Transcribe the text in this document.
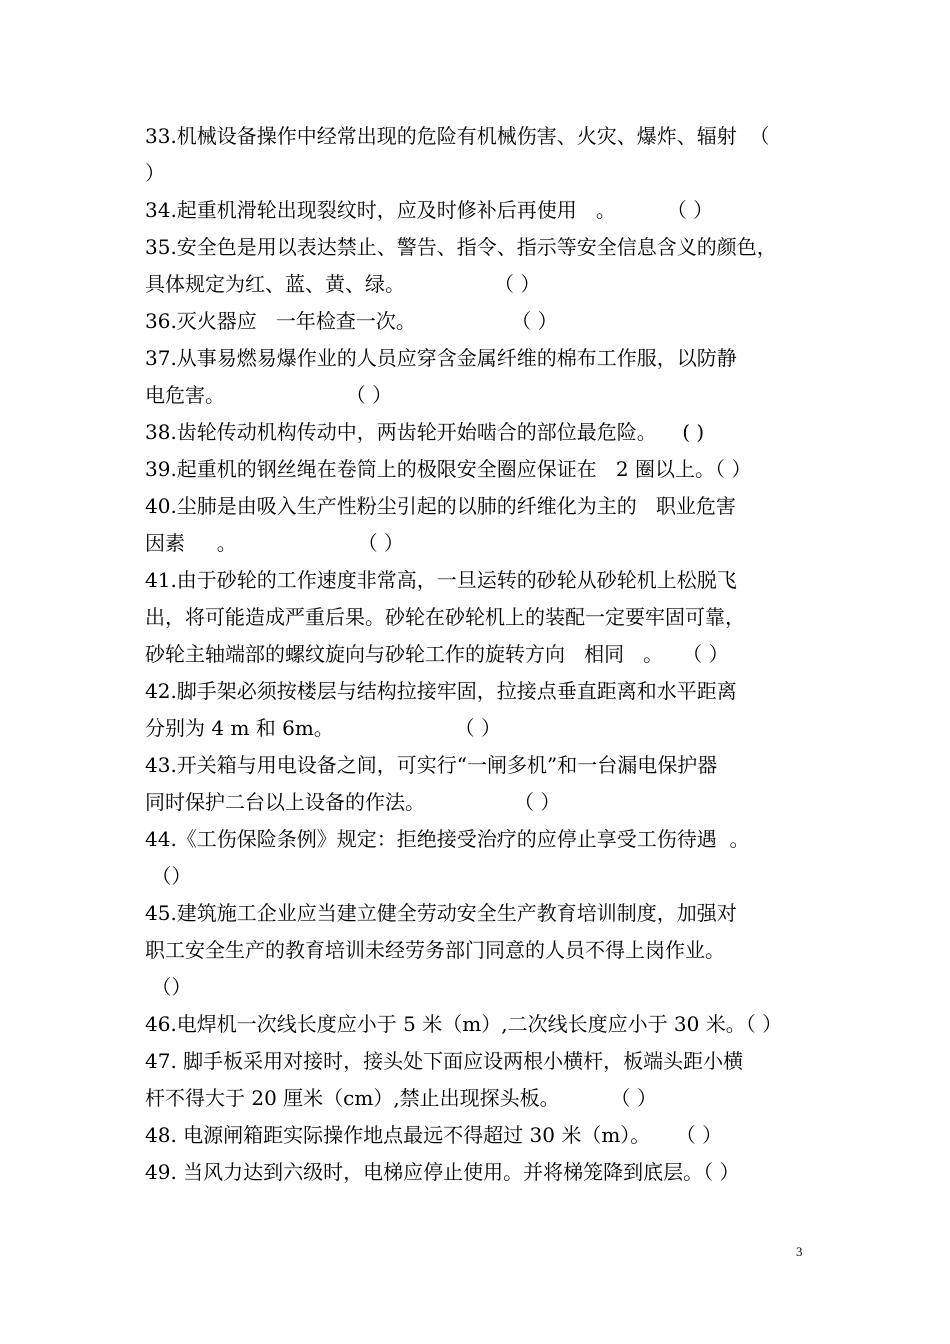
33.机械设备操作中经常出现的危险有机械伤害、火灾、爆炸、辐射  （
）
34.起重机滑轮出现裂纹时，应及时修补后再使用   。        （ ）
35.安全色是用以表达禁止、警告、指令、指示等安全信息含义的颜色，
具体规定为红、蓝、黄、绿。              （ ）
36.灭火器应   一年检查一次。               （ ）
37.从事易燃易爆作业的人员应穿含金属纤维的棉布工作服，以防静
电危害。                   （ ）
38.齿轮传动机构传动中，两齿轮开始啮合的部位最危险。    ( )
39.起重机的钢丝绳在卷筒上的极限安全圈应保证在   2 圈以上。（ ）
40.尘肺是由吸入生产性粉尘引起的以肺的纤维化为主的   职业危害
因素     。                   （ ）
41.由于砂轮的工作速度非常高，一旦运转的砂轮从砂轮机上松脱飞
出，将可能造成严重后果。砂轮在砂轮机上的装配一定要牢固可靠，
砂轮主轴端部的螺纹旋向与砂轮工作的旋转方向   相同   。   （ ）
42.脚手架必须按楼层与结构拉接牢固，拉接点垂直距离和水平距离
分别为 4 m 和 6m。                   （ ）
43.开关箱与用电设备之间，可实行“一闸多机”和一台漏电保护器
同时保护二台以上设备的作法。              （ ）
44.《工伤保险条例》规定：拒绝接受治疗的应停止享受工伤待遇  。
（）
45.建筑施工企业应当建立健全劳动安全生产教育培训制度，加强对
职工安全生产的教育培训未经劳务部门同意的人员不得上岗作业。
（）
46.电焊机一次线长度应小于 5 米（m）,二次线长度应小于 30 米。（ ）
47. 脚手板采用对接时，接头处下面应设两根小横杆，板端头距小横
杆不得大于 20 厘米（cm）,禁止出现探头板。        （ ）
48. 电源闸箱距实际操作地点最远不得超过 30 米（m）。    （ ）
49. 当风力达到六级时，电梯应停止使用。并将梯笼降到底层。（ ）
3
